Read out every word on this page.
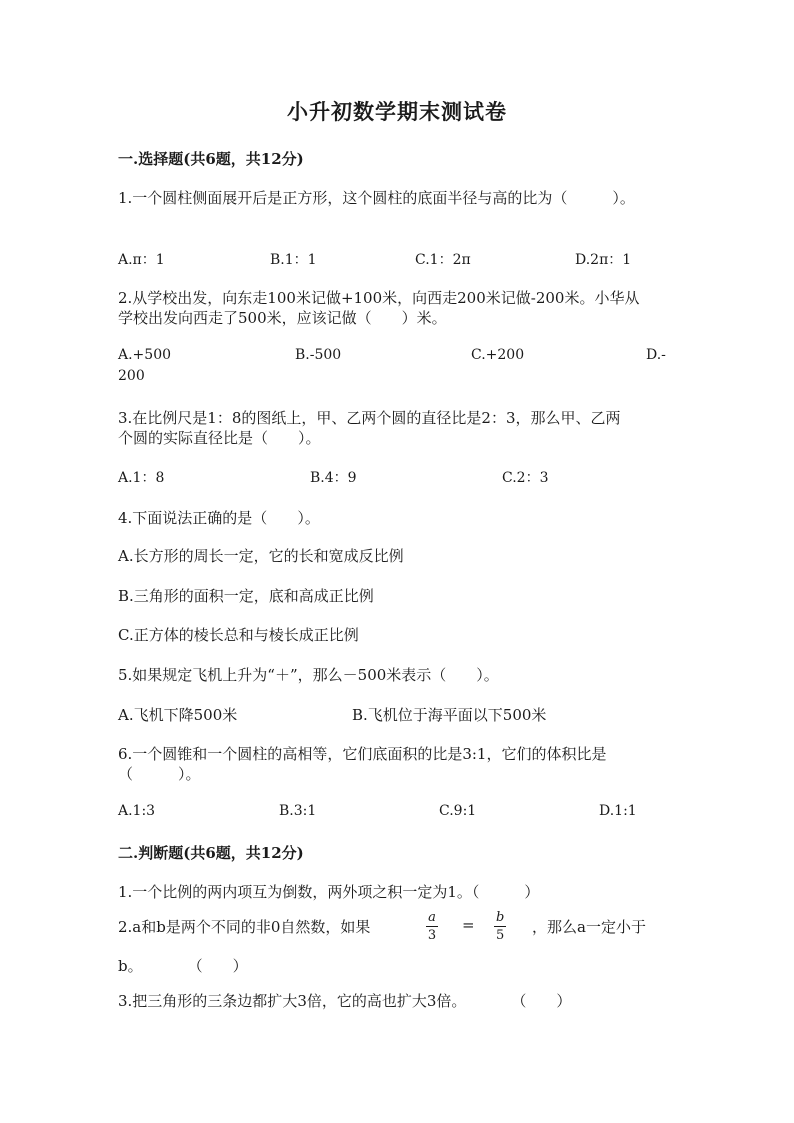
小升初数学期末测试卷
一.选择题(共6题，共12分)
1.一个圆柱侧面展开后是正方形，这个圆柱的底面半径与高的比为（　　　）。
A.π：1	B.1：1	C.1：2π	D.2π：1
2.从学校出发，向东走100米记做+100米，向西走200米记做-200米。小华从
学校出发向西走了500米，应该记做（　　）米。
A.+500	B.-500	C.+200	D.-
200
3.在比例尺是1：8的图纸上，甲、乙两个圆的直径比是2：3，那么甲、乙两
个圆的实际直径比是（　　）。
A.1：8	B.4：9	C.2：3
4.下面说法正确的是（　　）。
A.长方形的周长一定，它的长和宽成反比例
B.三角形的面积一定，底和高成正比例
C.正方体的棱长总和与棱长成正比例
5.如果规定飞机上升为“＋”，那么－500米表示（　　）。
A.飞机下降500米	B.飞机位于海平面以下500米
6.一个圆锥和一个圆柱的高相等，它们底面积的比是3:1，它们的体积比是
（　　　）。
A.1:3	B.3:1	C.9:1	D.1:1
二.判断题(共6题，共12分)
1.一个比例的两内项互为倒数，两外项之积一定为1。（　　　）
2.a和b是两个不同的非0自然数，如果
a
3
= b
5 ，那么a一定小于
b。　　　　（　　）
3.把三角形的三条边都扩大3倍，它的高也扩大3倍。　　　　（　　）
